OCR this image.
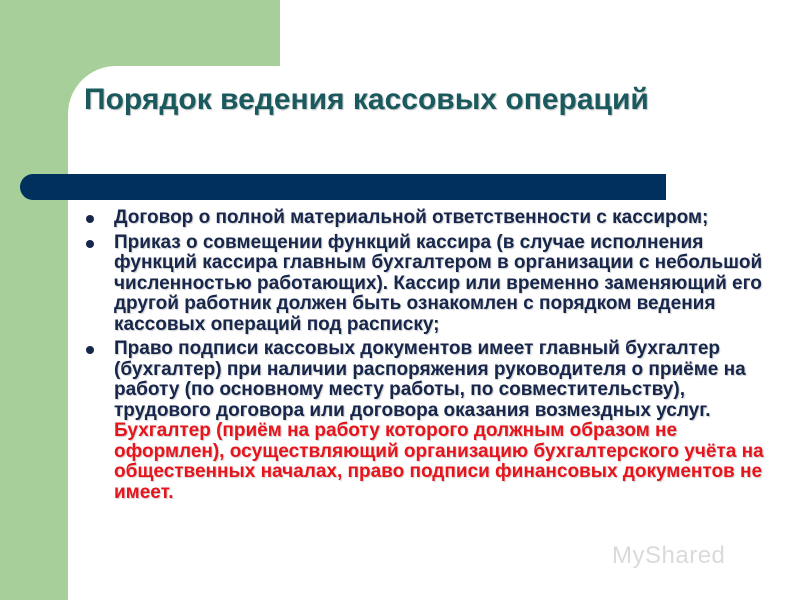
Порядок ведения кассовых операций
Договор о полной материальной ответственности с кассиром;
Приказ о совмещении функций кассира (в случае исполнения функций кассира главным бухгалтером в организации с небольшой численностью работающих). Кассир или временно заменяющий его другой работник должен быть ознакомлен с порядком ведения кассовых операций под расписку;
Право подписи кассовых документов имеет главный бухгалтер (бухгалтер) при наличии распоряжения руководителя о приёме на работу (по основному месту работы, по совместительству), трудового договора или договора оказания возмездных услуг. Бухгалтер (приём на работу которого должным образом не оформлен), осуществляющий организацию бухгалтерского учёта на общественных началах, право подписи финансовых документов не имеет.
MyShared
